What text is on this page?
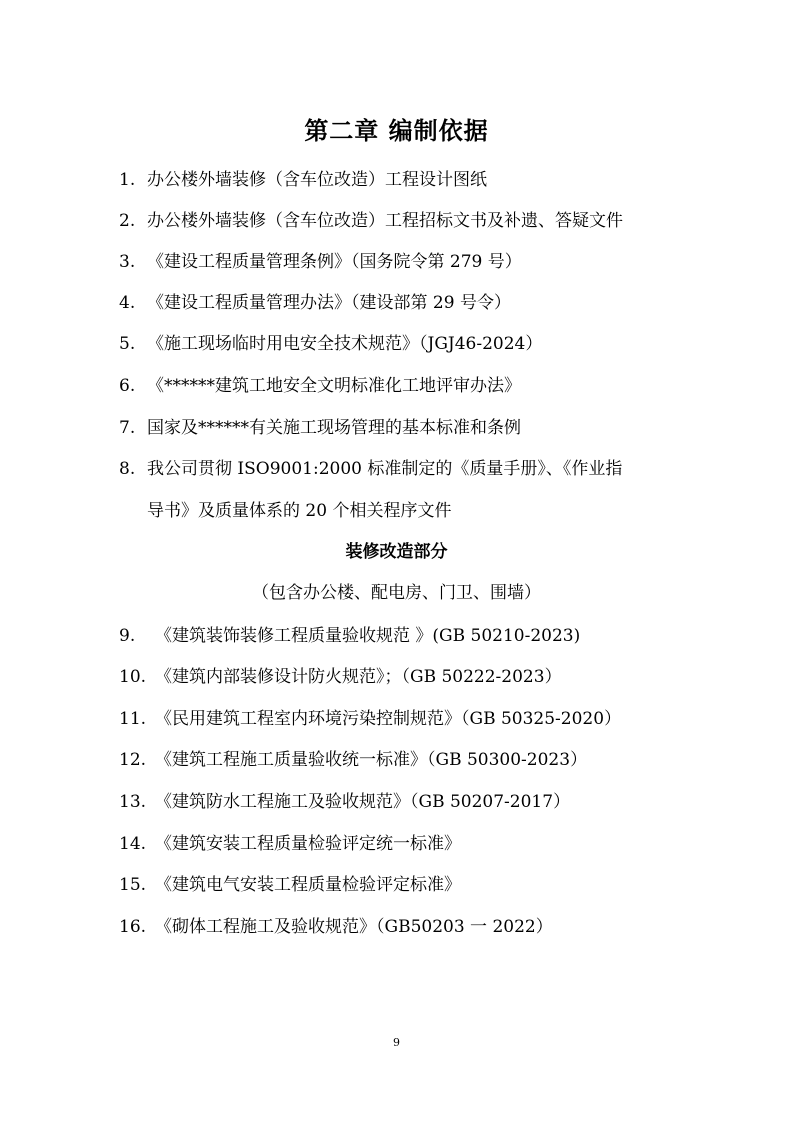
第二章 编制依据
1. 办公楼外墙装修（含车位改造）工程设计图纸
2. 办公楼外墙装修（含车位改造）工程招标文书及补遗、答疑文件
3. 《建设工程质量管理条例》（国务院令第 279 号）
4. 《建设工程质量管理办法》（建设部第 29 号令）
5. 《施工现场临时用电安全技术规范》（JGJ46-2024）
6. 《******建筑工地安全文明标准化工地评审办法》
7. 国家及******有关施工现场管理的基本标准和条例
8. 我公司贯彻 ISO9001:2000 标准制定的《质量手册》、《作业指
导书》及质量体系的 20 个相关程序文件
装修改造部分
（包含办公楼、配电房、门卫、围墙）
9. 《建筑装饰装修工程质量验收规范 》(GB 50210-2023)
10. 《建筑内部装修设计防火规范》；（GB 50222-2023）
11. 《民用建筑工程室内环境污染控制规范》（GB 50325-2020）
12. 《建筑工程施工质量验收统一标准》（GB 50300-2023）
13. 《建筑防水工程施工及验收规范》（GB 50207-2017）
14. 《建筑安装工程质量检验评定统一标准》
15. 《建筑电气安装工程质量检验评定标准》
16. 《砌体工程施工及验收规范》（GB50203 一 2022）
9
